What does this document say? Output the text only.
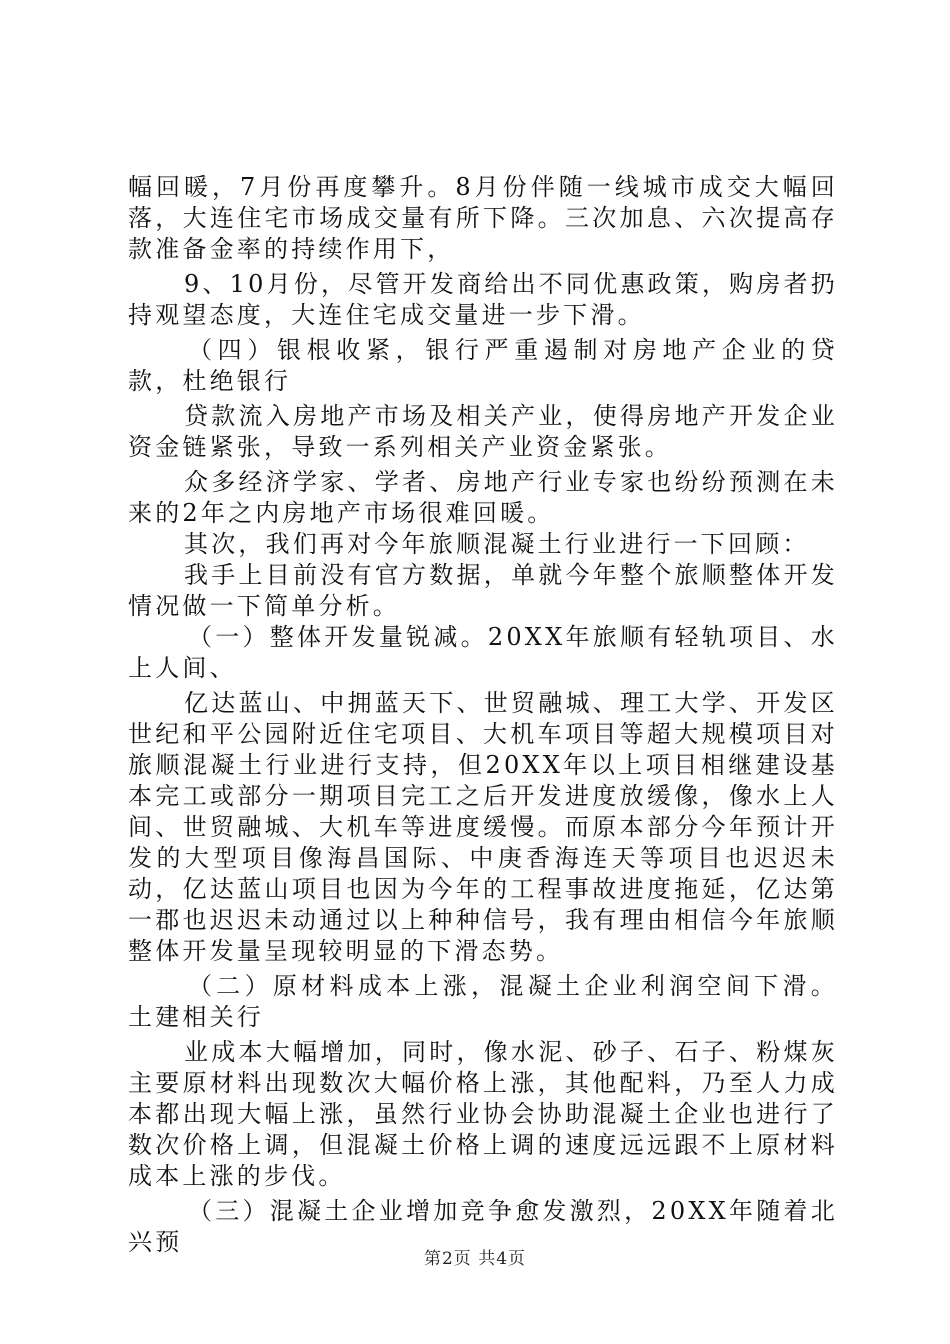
幅回暖，7月份再度攀升。8月份伴随一线城市成交大幅回落，大连住宅市场成交量有所下降。三次加息、六次提高存款准备金率的持续作用下，

9、10月份，尽管开发商给出不同优惠政策，购房者扔持观望态度，大连住宅成交量进一步下滑。

（四）银根收紧，银行严重遏制对房地产企业的贷款，杜绝银行

贷款流入房地产市场及相关产业，使得房地产开发企业资金链紧张，导致一系列相关产业资金紧张。

众多经济学家、学者、房地产行业专家也纷纷预测在未来的2年之内房地产市场很难回暖。

其次，我们再对今年旅顺混凝土行业进行一下回顾：

我手上目前没有官方数据，单就今年整个旅顺整体开发情况做一下简单分析。

（一）整体开发量锐减。20XX年旅顺有轻轨项目、水上人间、

亿达蓝山、中拥蓝天下、世贸融城、理工大学、开发区世纪和平公园附近住宅项目、大机车项目等超大规模项目对旅顺混凝土行业进行支持，但20XX年以上项目相继建设基本完工或部分一期项目完工之后开发进度放缓像，像水上人间、世贸融城、大机车等进度缓慢。而原本部分今年预计开发的大型项目像海昌国际、中庚香海连天等项目也迟迟未动，亿达蓝山项目也因为今年的工程事故进度拖延，亿达第一郡也迟迟未动通过以上种种信号，我有理由相信今年旅顺整体开发量呈现较明显的下滑态势。

（二）原材料成本上涨，混凝土企业利润空间下滑。土建相关行

业成本大幅增加，同时，像水泥、砂子、石子、粉煤灰主要原材料出现数次大幅价格上涨，其他配料，乃至人力成本都出现大幅上涨，虽然行业协会协助混凝土企业也进行了数次价格上调，但混凝土价格上调的速度远远跟不上原材料成本上涨的步伐。

（三）混凝土企业增加竞争愈发激烈，20XX年随着北兴预

第2页 共4页
